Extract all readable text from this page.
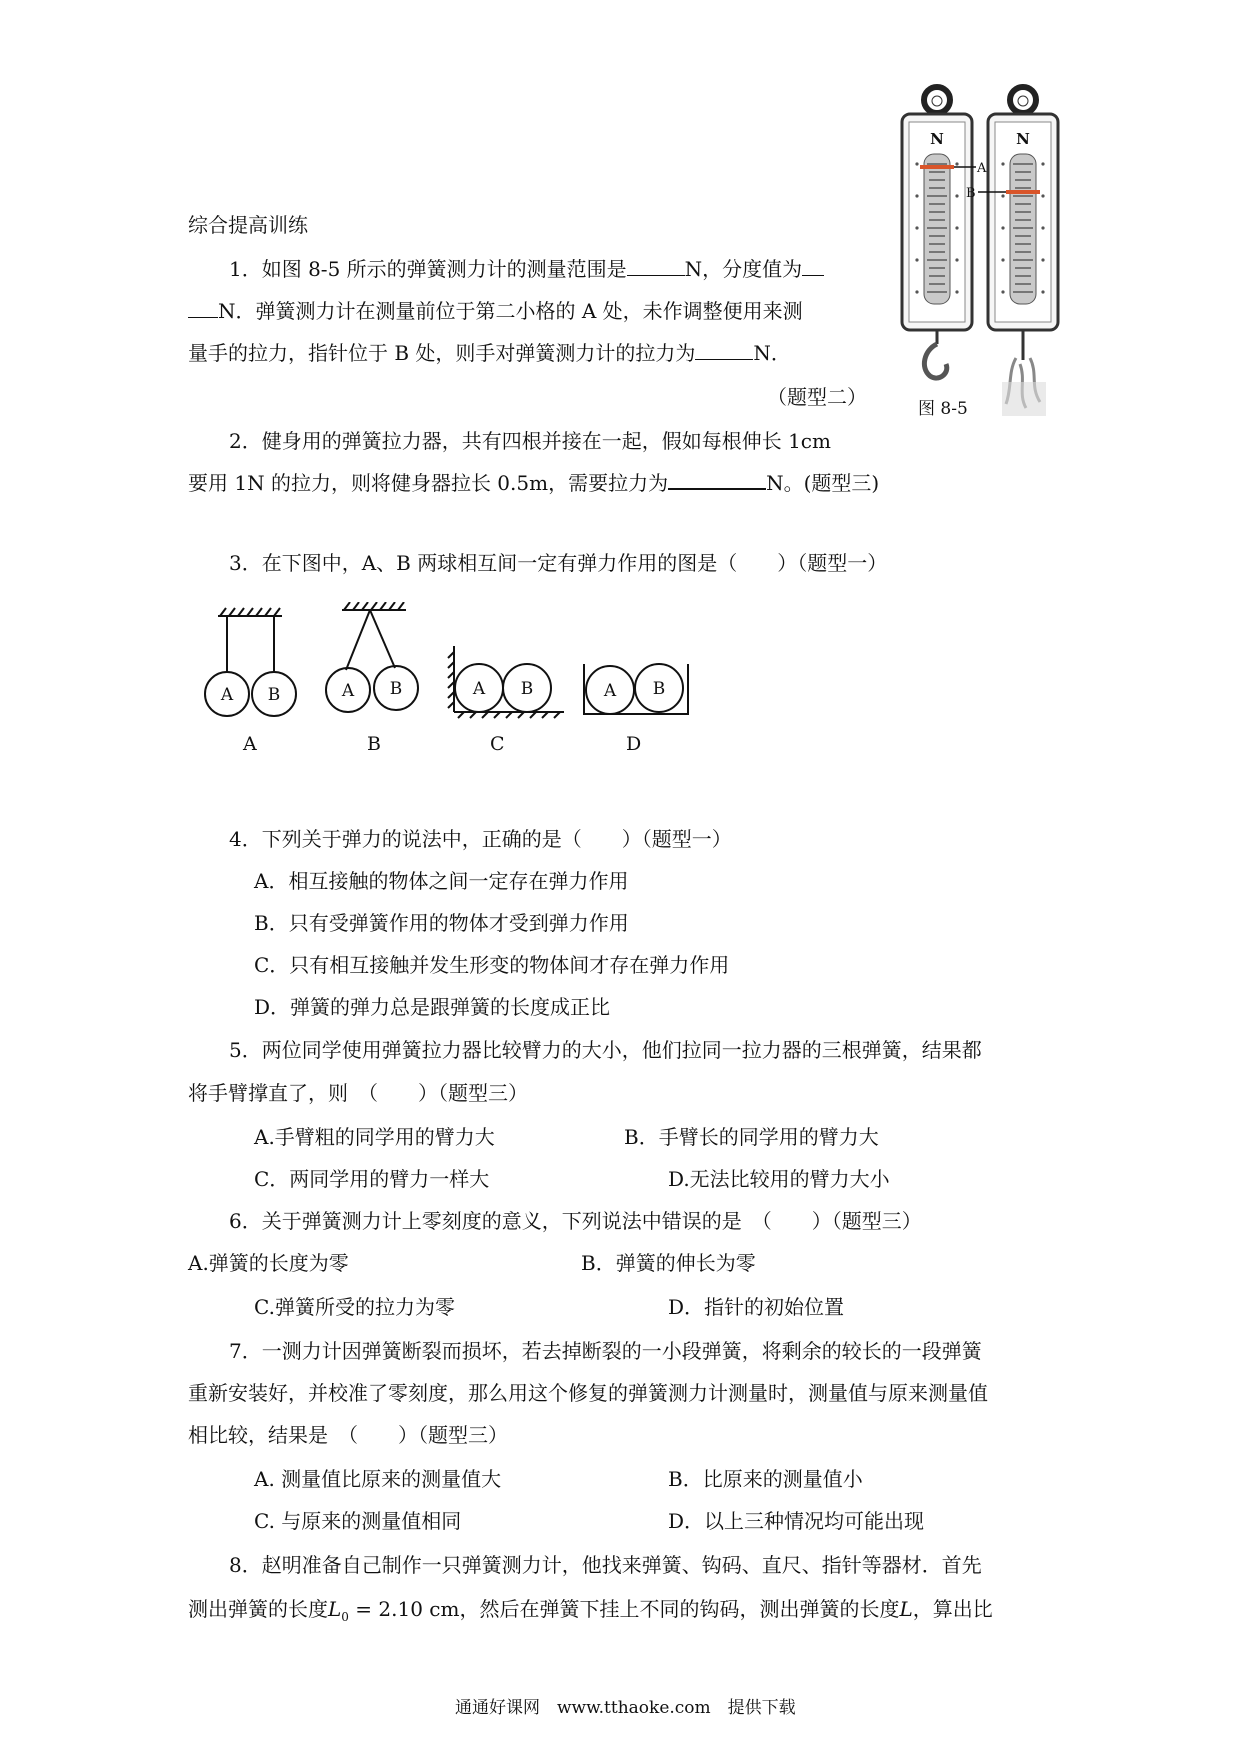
综合提高训练
1．如图 8-5 所示的弹簧测力计的测量范围是	N，分度值为
N．弹簧测力计在测量前位于第二小格的 A 处，未作调整便用来测
量手的拉力，指针位于 B 处，则手对弹簧测力计的拉力为	N．
（题型二）
A
N
B
N
图 8-5
2．健身用的弹簧拉力器，共有四根并接在一起，假如每根伸长 1cm
要用 1N 的拉力，则将健身器拉长 0.5m，需要拉力为	N。(题型三)
3．在下图中，A、B 两球相互间一定有弹力作用的图是（　　）（题型一）
A B	A B	A B	A B
A	B	C	D
4．下列关于弹力的说法中，正确的是（　　）（题型一）
A．相互接触的物体之间一定存在弹力作用
B．只有受弹簧作用的物体才受到弹力作用
C．只有相互接触并发生形变的物体间才存在弹力作用
D．弹簧的弹力总是跟弹簧的长度成正比
5．两位同学使用弹簧拉力器比较臂力的大小，他们拉同一拉力器的三根弹簧，结果都
将手臂撑直了，则　（　　）（题型三）
A.手臂粗的同学用的臂力大	B．手臂长的同学用的臂力大
C．两同学用的臂力一样大	D.无法比较用的臂力大小
6．关于弹簧测力计上零刻度的意义，下列说法中错误的是　（　　）（题型三）
A.弹簧的长度为零	B．弹簧的伸长为零
C.弹簧所受的拉力为零	D．指针的初始位置
7．一测力计因弹簧断裂而损坏，若去掉断裂的一小段弹簧，将剩余的较长的一段弹簧
重新安装好，并校准了零刻度，那么用这个修复的弹簧测力计测量时，测量值与原来测量值
相比较，结果是　（　　）（题型三）
A. 测量值比原来的测量值大	B．比原来的测量值小
C. 与原来的测量值相同	D．以上三种情况均可能出现
8．赵明准备自己制作一只弹簧测力计，他找来弹簧、钩码、直尺、指针等器材．首先
测出弹簧的长度$L_0 = 2.10$ cm，然后在弹簧下挂上不同的钩码，测出弹簧的长度L，算出比
通通好课网　www.tthaoke.com　提供下载
